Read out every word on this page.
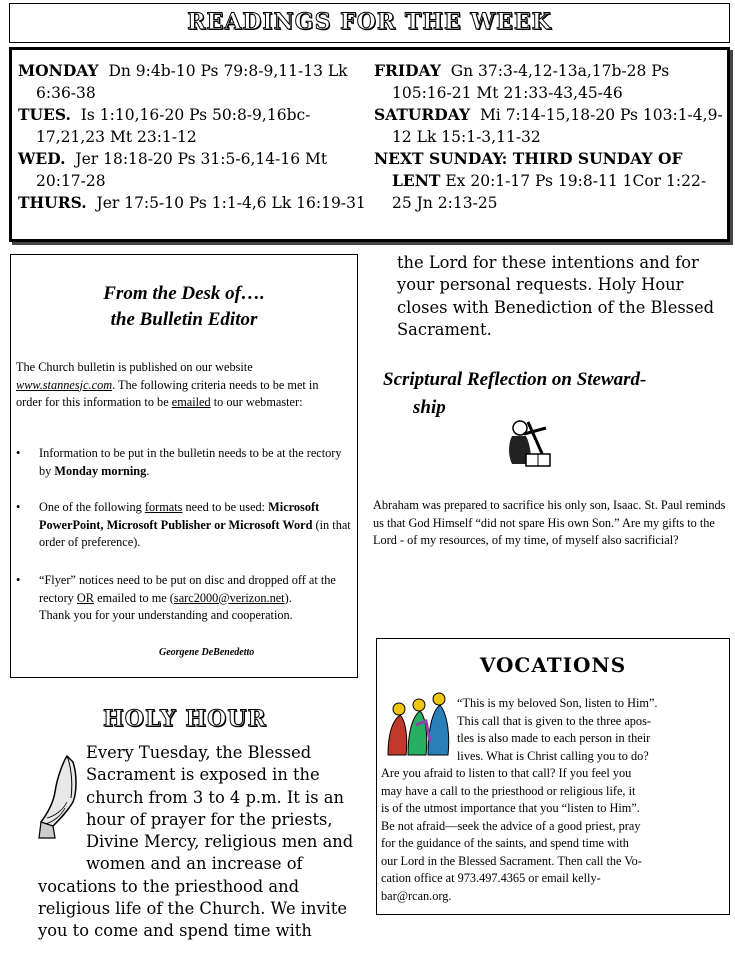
READINGS FOR THE WEEK

MONDAY Dn 9:4b-10 Ps 79:8-9,11-13 Lk 6:36-38

TUES. Is 1:10,16-20 Ps 50:8-9,16bc-17,21,23 Mt 23:1-12

WED. Jer 18:18-20 Ps 31:5-6,14-16 Mt 20:17-28

THURS. Jer 17:5-10 Ps 1:1-4,6 Lk 16:19-31

FRIDAY Gn 37:3-4,12-13a,17b-28 Ps 105:16-21 Mt 21:33-43,45-46

SATURDAY Mi 7:14-15,18-20 Ps 103:1-4,9-12 Lk 15:1-3,11-32

NEXT SUNDAY: THIRD SUNDAY OF LENT Ex 20:1-17 Ps 19:8-11 1Cor 1:22-25 Jn 2:13-25

From the Desk of….
the Bulletin Editor
The Church bulletin is published on our website www.stannesjc.com. The following criteria needs to be met in order for this information to be emailed to our webmaster:
• Information to be put in the bulletin needs to be at the rectory by Monday morning.
• One of the following formats need to be used: Microsoft PowerPoint, Microsoft Publisher or Microsoft Word (in that order of preference).
• “Flyer” notices need to be put on disc and dropped off at the rectory OR emailed to me (sarc2000@verizon.net).
Thank you for your understanding and cooperation.
Georgene DeBenedetto
HOLY HOUR
Every Tuesday, the Blessed Sacrament is exposed in the church from 3 to 4 p.m. It is an hour of prayer for the priests, Divine Mercy, religious men and women and an increase of vocations to the priesthood and religious life of the Church. We invite you to come and spend time with
the Lord for these intentions and for your personal requests. Holy Hour closes with Benediction of the Blessed Sacrament.
Scriptural Reflection on Steward-
ship
Abraham was prepared to sacrifice his only son, Isaac. St. Paul reminds us that God Himself “did not spare His own Son.” Are my gifts to the Lord - of my resources, of my time, of myself also sacrificial?
VOCATIONS
“This is my beloved Son, listen to Him”.
This call that is given to the three apos-
tles is also made to each person in their
lives. What is Christ calling you to do?
Are you afraid to listen to that call? If you feel you
may have a call to the priesthood or religious life, it
is of the utmost importance that you “listen to Him”.
Be not afraid—seek the advice of a good priest, pray
for the guidance of the saints, and spend time with
our Lord in the Blessed Sacrament. Then call the Vo-
cation office at 973.497.4365 or email kelly-
bar@rcan.org.
